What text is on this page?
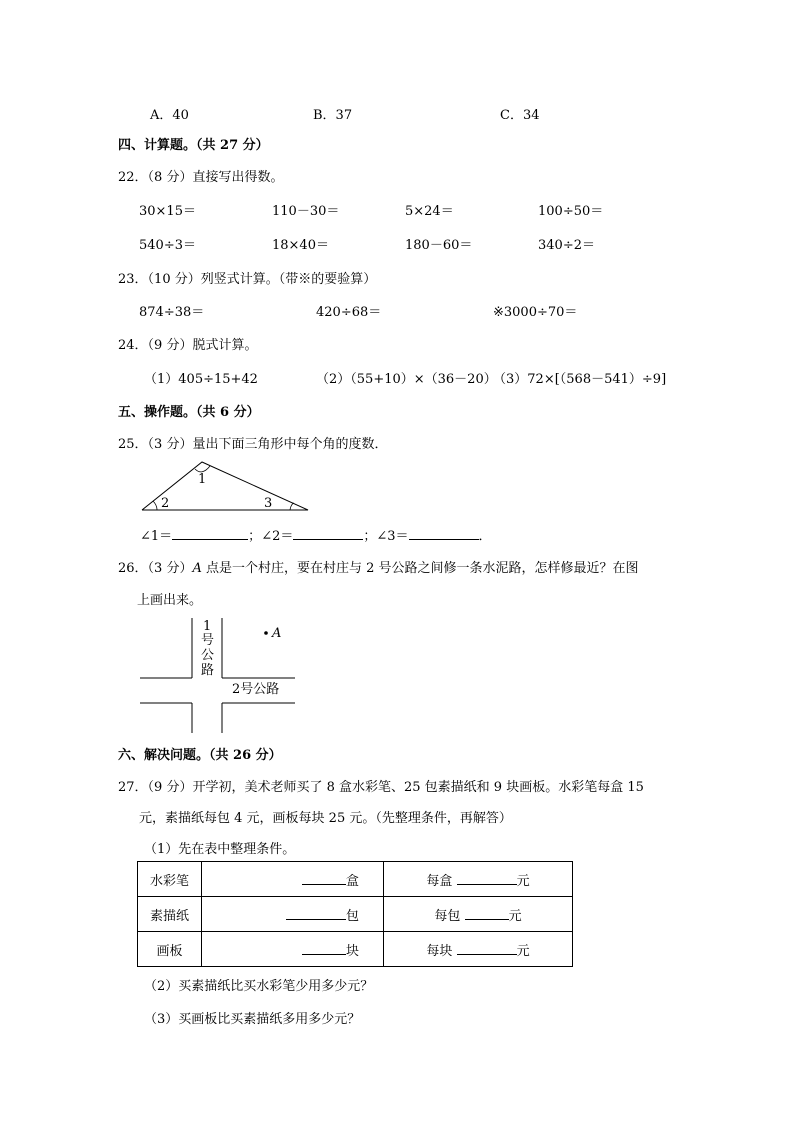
A．40	B．37	C．34
四、计算题。（共 27 分）
22．（8 分）直接写出得数。
30×15＝	110－30＝	5×24＝	100÷50＝
540÷3＝	18×40＝	180－60＝	340÷2＝
23．（10 分）列竖式计算。（带※的要验算）
874÷38＝	420÷68＝	※3000÷70＝
24．（9 分）脱式计算。
（1）405÷15+42	（2）（55+10）×（36－20）
（3）72×[（568－541）÷9]
五、操作题。（共 6 分）
25．（3 分）量出下面三角形中每个角的度数．
1
2	3
∠1＝	；∠2＝	；∠3＝	．
26．（3 分）A 点是一个村庄，要在村庄与 2 号公路之间修一条水泥路，怎样修最近？在图
上画出来。
1
号
公
路
2号公路
A
六、解决问题。（共 26 分）
27．（9 分）开学初，美术老师买了 8 盒水彩笔、25 包素描纸和 9 块画板。水彩笔每盒 15
元，素描纸每包 4 元，画板每块 25 元。（先整理条件，再解答）
（1）先在表中整理条件。
水彩笔	盒	每盒 元
素描纸	包	每包 元
画板	块	每块 元
（2）买素描纸比买水彩笔少用多少元？
（3）买画板比买素描纸多用多少元？
